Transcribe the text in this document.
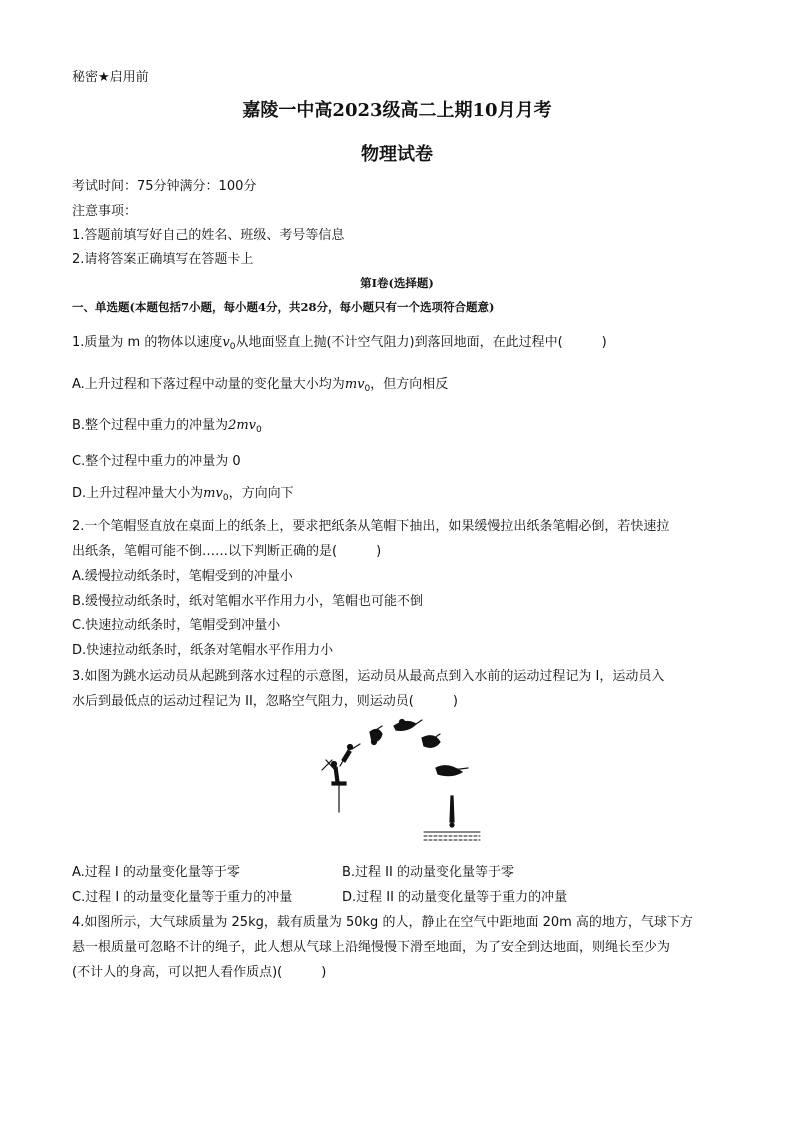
秘密★启用前
嘉陵一中高2023级高二上期10月月考
物理试卷
考试时间：75分钟满分：100分
注意事项：
1.答题前填写好自己的姓名、班级、考号等信息
2.请将答案正确填写在答题卡上
第I卷(选择题)
一、单选题(本题包括7小题，每小题4分，共28分，每小题只有一个选项符合题意)
1.质量为 m 的物体以速度$v_0$从地面竖直上抛(不计空气阻力)到落回地面，在此过程中(　　　)
A.上升过程和下落过程中动量的变化量大小均为$mv_0$，但方向相反
B.整个过程中重力的冲量为$2mv_0$
C.整个过程中重力的冲量为 0
D.上升过程冲量大小为$mv_0$，方向向下
2.一个笔帽竖直放在桌面上的纸条上，要求把纸条从笔帽下抽出，如果缓慢拉出纸条笔帽必倒，若快速拉
出纸条，笔帽可能不倒……以下判断正确的是(　　　)
A.缓慢拉动纸条时，笔帽受到的冲量小
B.缓慢拉动纸条时，纸对笔帽水平作用力小，笔帽也可能不倒
C.快速拉动纸条时，笔帽受到冲量小
D.快速拉动纸条时，纸条对笔帽水平作用力小
3.如图为跳水运动员从起跳到落水过程的示意图，运动员从最高点到入水前的运动过程记为 I，运动员入
水后到最低点的运动过程记为 II，忽略空气阻力，则运动员(　　　)
A.过程 I 的动量变化量等于零	B.过程 II 的动量变化量等于零
C.过程 I 的动量变化量等于重力的冲量	D.过程 II 的动量变化量等于重力的冲量
4.如图所示，大气球质量为 25kg，载有质量为 50kg 的人，静止在空气中距地面 20m 高的地方，气球下方
悬一根质量可忽略不计的绳子，此人想从气球上沿绳慢慢下滑至地面，为了安全到达地面，则绳长至少为
(不计人的身高，可以把人看作质点)(　　　)
